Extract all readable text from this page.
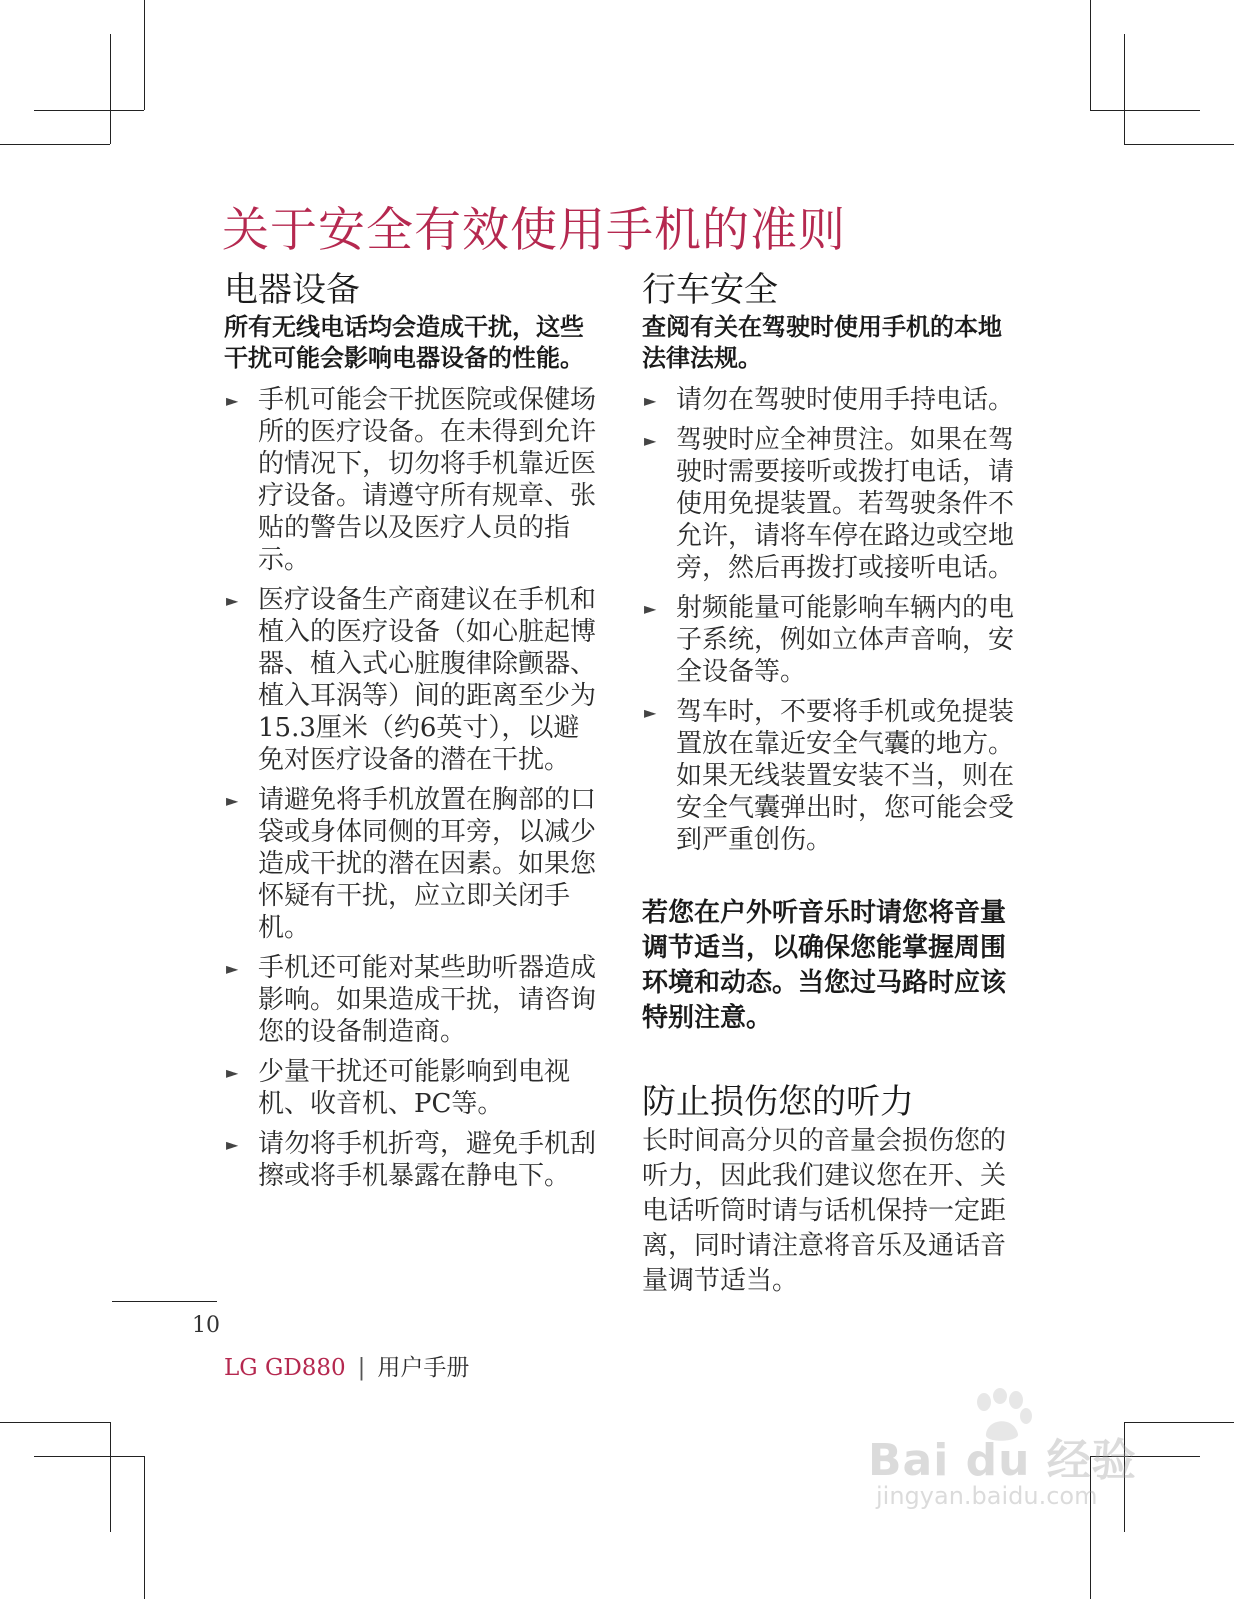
关于安全有效使用手机的准则
电器设备

所有无线电话均会造成干扰，这些干扰可能会影响电器设备的性能。

► 手机可能会干扰医院或保健场所的医疗设备。在未得到允许的情况下，切勿将手机靠近医疗设备。请遵守所有规章、张贴的警告以及医疗人员的指示。
► 医疗设备生产商建议在手机和植入的医疗设备（如心脏起博器、植入式心脏腹律除颤器、植入耳涡等）间的距离至少为15.3厘米（约6英寸），以避免对医疗设备的潜在干扰。
► 请避免将手机放置在胸部的口袋或身体同侧的耳旁，以减少造成干扰的潜在因素。如果您怀疑有干扰，应立即关闭手机。
► 手机还可能对某些助听器造成影响。如果造成干扰，请咨询您的设备制造商。
► 少量干扰还可能影响到电视机、收音机、PC等。
► 请勿将手机折弯，避免手机刮擦或将手机暴露在静电下。
行车安全

查阅有关在驾驶时使用手机的本地法律法规。

► 请勿在驾驶时使用手持电话。
► 驾驶时应全神贯注。如果在驾驶时需要接听或拨打电话，请使用免提装置。若驾驶条件不允许，请将车停在路边或空地旁，然后再拨打或接听电话。
► 射频能量可能影响车辆内的电子系统，例如立体声音响，安全设备等。
► 驾车时，不要将手机或免提装置放在靠近安全气囊的地方。如果无线装置安装不当，则在安全气囊弹出时，您可能会受到严重创伤。

若您在户外听音乐时请您将音量调节适当，以确保您能掌握周围环境和动态。当您过马路时应该特别注意。

防止损伤您的听力

长时间高分贝的音量会损伤您的听力，因此我们建议您在开、关电话听筒时请与话机保持一定距离，同时请注意将音乐及通话音量调节适当。

10
LG GD880 | 用户手册
Bai du 经验
jingyan.baidu.com
